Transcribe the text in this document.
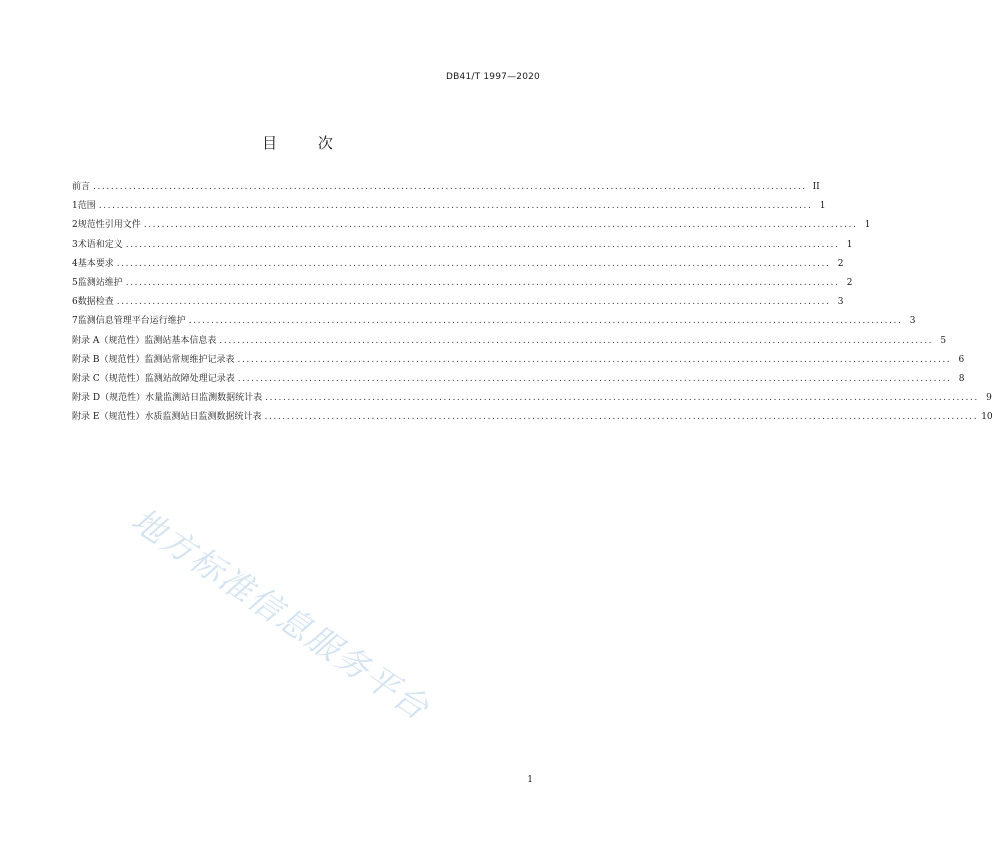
DB41/T 1997—2020
目 次
前言 ................................................................................................................................................................ II
1 范围 ................................................................................................................................................................ 1
2 规范性引用文件 ................................................................................................................................................................ 1
3 术语和定义 ................................................................................................................................................................ 1
4 基本要求 ................................................................................................................................................................ 2
5 监测站维护 ................................................................................................................................................................ 2
6 数据检查 ................................................................................................................................................................ 3
7 监测信息管理平台运行维护 ................................................................................................................................................................ 3
附录 A （规范性） 监测站基本信息表 ................................................................................................................................................................ 5
附录 B （规范性） 监测站常规维护记录表 ................................................................................................................................................................ 6
附录 C （规范性） 监测站故障处理记录表 ................................................................................................................................................................ 8
附录 D （规范性） 水量监测站日监测数据统计表 ................................................................................................................................................................ 9
附录 E （规范性） 水质监测站日监测数据统计表 ................................................................................................................................................................ 10
地方标准信息服务平台
1
